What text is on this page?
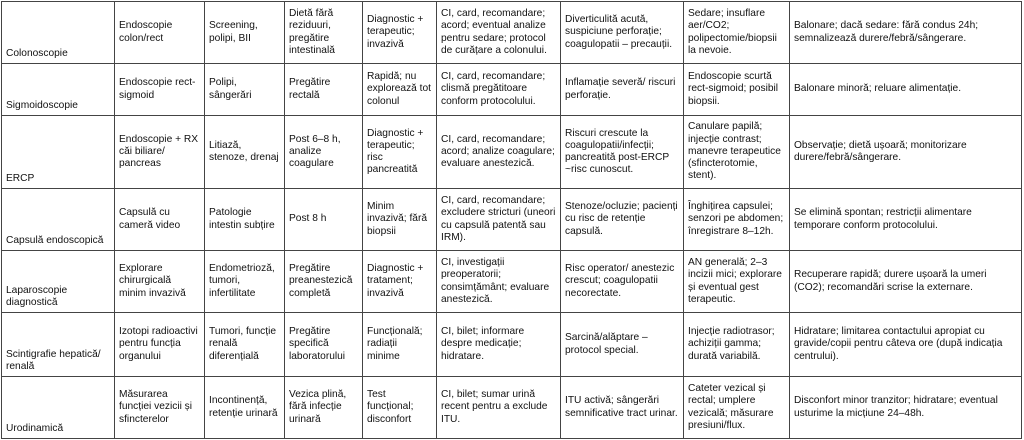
Colonoscopie	Endoscopie colon/rect	Screening, polipi, BII	Dietă fără reziduuri, pregătire intestinală	Diagnostic + terapeutic; invazivă	CI, card, recomandare; acord; eventual analize pentru sedare; protocol de curățare a colonului.	Diverticulită acută, suspiciune perforație; coagulopatii – precauții.	Sedare; insuflare aer/CO2; polipectomie/biopsii la nevoie.	Balonare; dacă sedare: fără condus 24h; semnalizează durere/febră/sângerare.
Sigmoidoscopie	Endoscopie rect-sigmoid	Polipi, sângerări	Pregătire rectală	Rapidă; nu explorează tot colonul	CI, card, recomandare; clismă pregătitoare conform protocolului.	Inflamație severă/ riscuri perforație.	Endoscopie scurtă rect-sigmoid; posibil biopsii.	Balonare minoră; reluare alimentație.
ERCP	Endoscopie + RX căi biliare/ pancreas	Litiază, stenoze, drenaj	Post 6–8 h, analize coagulare	Diagnostic + terapeutic; risc pancreatită	CI, card, recomandare; acord; analize coagulare; evaluare anestezică.	Riscuri crescute la coagulopatii/infecții; pancreatită post-ERCP ~risc cunoscut.	Canulare papilă; injecție contrast; manevre terapeutice (sfincterotomie, stent).	Observație; dietă ușoară; monitorizare durere/febră/sângerare.
Capsulă endoscopică	Capsulă cu cameră video	Patologie intestin subțire	Post 8 h	Minim invazivă; fără biopsii	CI, card, recomandare; excludere stricturi (uneori cu capsulă patentă sau IRM).	Stenoze/ocluzie; pacienți cu risc de retenție capsulă.	Înghițirea capsulei; senzori pe abdomen; înregistrare 8–12h.	Se elimină spontan; restricții alimentare temporare conform protocolului.
Laparoscopie diagnostică	Explorare chirurgicală minim invazivă	Endometrioză, tumori, infertilitate	Pregătire preanestezică completă	Diagnostic + tratament; invazivă	CI, investigații preoperatorii; consimțământ; evaluare anestezică.	Risc operator/ anestezic crescut; coagulopatii necorectate.	AN generală; 2–3 incizii mici; explorare și eventual gest terapeutic.	Recuperare rapidă; durere ușoară la umeri (CO2); recomandări scrise la externare.
Scintigrafie hepatică/ renală	Izotopi radioactivi pentru funcția organului	Tumori, funcție renală diferențială	Pregătire specifică laboratorului	Funcțională; radiații minime	CI, bilet; informare despre medicație; hidratare.	Sarcină/alăptare – protocol special.	Injecție radiotrasor; achiziții gamma; durată variabilă.	Hidratare; limitarea contactului apropiat cu gravide/copii pentru câteva ore (după indicația centrului).
Urodinamică	Măsurarea funcției vezicii și sfincterelor	Incontinență, retenție urinară	Vezica plină, fără infecție urinară	Test funcțional; disconfort	CI, bilet; sumar urină recent pentru a exclude ITU.	ITU activă; sângerări semnificative tract urinar.	Cateter vezical și rectal; umplere vezicală; măsurare presiuni/flux.	Disconfort minor tranzitor; hidratare; eventual usturime la micțiune 24–48h.
